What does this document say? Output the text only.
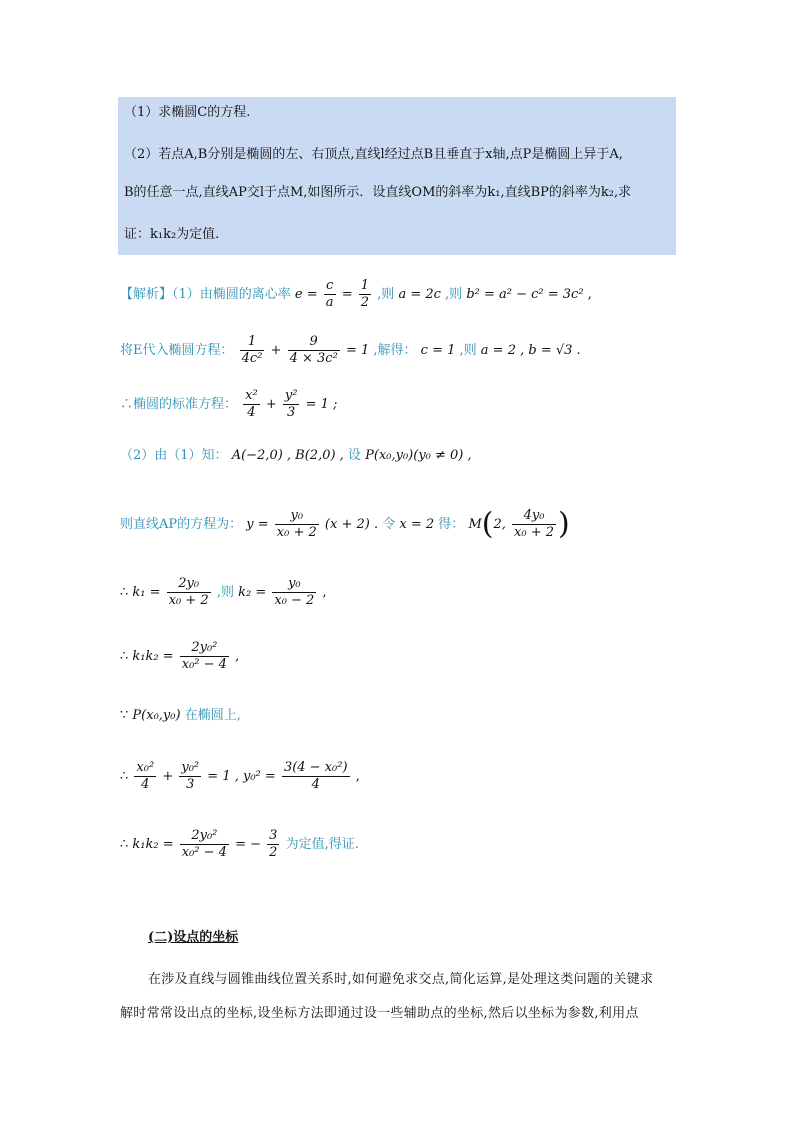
（1）求椭圆C的方程.
（2）若点A,B分别是椭圆的左、右顶点,直线l经过点B且垂直于x轴,点P是椭圆上异于A,
B的任意一点,直线AP交l于点M,如图所示．设直线OM的斜率为k₁,直线BP的斜率为k₂,求
证：k₁k₂为定值.
【解析】（1）由椭圆的离心率 $e = \frac{c}{a} = \frac{1}{2}$ ,则 a = 2c ,则 b² = a² − c² = 3c² ,
将E代入椭圆方程： $\frac{1}{\text{4c²}} + \frac{9}{\text{4 × 3c²}} = 1$ ,解得： c = 1 ,则 a = 2 , b = √3 .
∴椭圆的标准方程： $\frac{\text{x²}}{4} + \frac{\text{y²}}{3} = 1$ ;
（2）由（1）知： A(−2,0) , B(2,0) , 设 P(x₀,y₀)(y₀ ≠ 0) ,
则直线AP的方程为： $y = \frac{\text{y₀}}{\text{x₀ + 2}} (x + 2)$ . 令 x = 2 得： M(2, $\frac{\text{4y₀}}{\text{x₀ + 2}}$ )
∴ $k_1 = \frac{\text{2y₀}}{\text{x₀ + 2}}$ ,则 $k_2 = \frac{\text{y₀}}{\text{x₀ − 2}}$ ,
∴ $k_1k_2 = \frac{\text{2y₀²}}{\text{x₀² − 4}}$ ,
∵ P(x₀,y₀) 在椭圆上,
∴ $\frac{\text{x₀²}}{4} + \frac{\text{y₀²}}{3} = 1$ , $y_0^2 = \frac{\text{3(4 − x₀²)}}{4}$ ,
∴ $k_1k_2 = \frac{\text{2y₀²}}{\text{x₀² − 4}}$ = − $\frac{3}{2}$ 为定值,得证.
(二)设点的坐标
在涉及直线与圆锥曲线位置关系时,如何避免求交点,简化运算,是处理这类问题的关键求
解时常常设出点的坐标,设坐标方法即通过设一些辅助点的坐标,然后以坐标为参数,利用点
